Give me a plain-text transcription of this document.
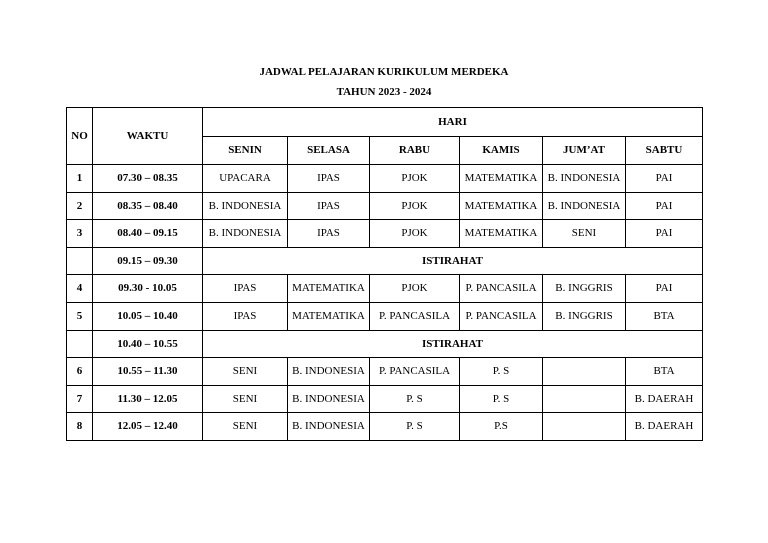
JADWAL PELAJARAN KURIKULUM MERDEKA
TAHUN 2023 - 2024
NO	WAKTU	HARI					
		SENIN	SELASA	RABU	KAMIS	JUM’AT	SABTU
1	07.30 – 08.35	UPACARA	IPAS	PJOK	MATEMATIKA	B. INDONESIA	PAI
2	08.35 – 08.40	B. INDONESIA	IPAS	PJOK	MATEMATIKA	B. INDONESIA	PAI
3	08.40 – 09.15	B. INDONESIA	IPAS	PJOK	MATEMATIKA	SENI	PAI
	09.15 – 09.30	ISTIRAHAT					
4	09.30 - 10.05	IPAS	MATEMATIKA	PJOK	P. PANCASILA	B. INGGRIS	PAI
5	10.05 – 10.40	IPAS	MATEMATIKA	P. PANCASILA	P. PANCASILA	B. INGGRIS	BTA
	10.40 – 10.55	ISTIRAHAT					
6	10.55 – 11.30	SENI	B. INDONESIA	P. PANCASILA	P. S		BTA
7	11.30 – 12.05	SENI	B. INDONESIA	P. S	P. S		B. DAERAH
8	12.05 – 12.40	SENI	B. INDONESIA	P. S	P.S		B. DAERAH
